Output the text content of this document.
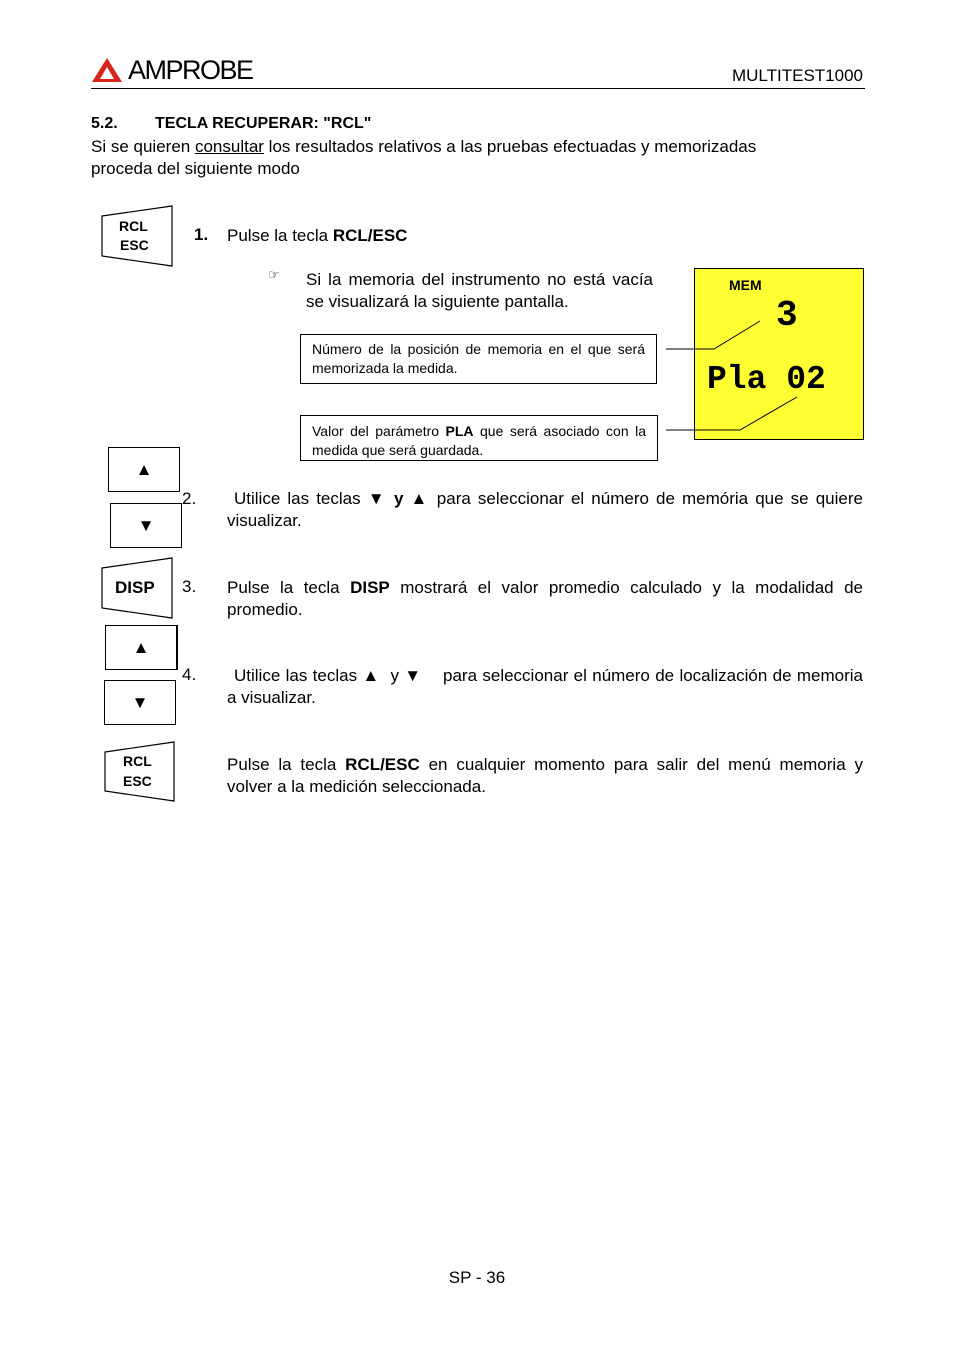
AMPROBE	MULTITEST1000
5.2. TECLA RECUPERAR: "RCL"
Si se quieren consultar los resultados relativos a las pruebas efectuadas y memorizadas
proceda del siguiente modo
RCL
ESC
1. Pulse la tecla RCL/ESC
☞ Si la memoria del instrumento no está vacía se visualizará la siguiente pantalla.
Número de la posición de memoria en el que será memorizada la medida.
Valor del parámetro PLA que será asociado con la medida que será guardada.
MEM
3
Pla 02
▲
▼
2.	Utilice las teclas ▼ y ▲ para seleccionar el número de memória que se quiere visualizar.
DISP 3. Pulse la tecla DISP mostrará el valor promedio calculado y la modalidad de promedio.
▲
▼
4.	Utilice las teclas ▲  y ▼    para seleccionar el número de localización de memoria a visualizar.
RCL
ESC
Pulse la tecla RCL/ESC en cualquier momento para salir del menú memoria y volver a la medición seleccionada.
SP - 36
